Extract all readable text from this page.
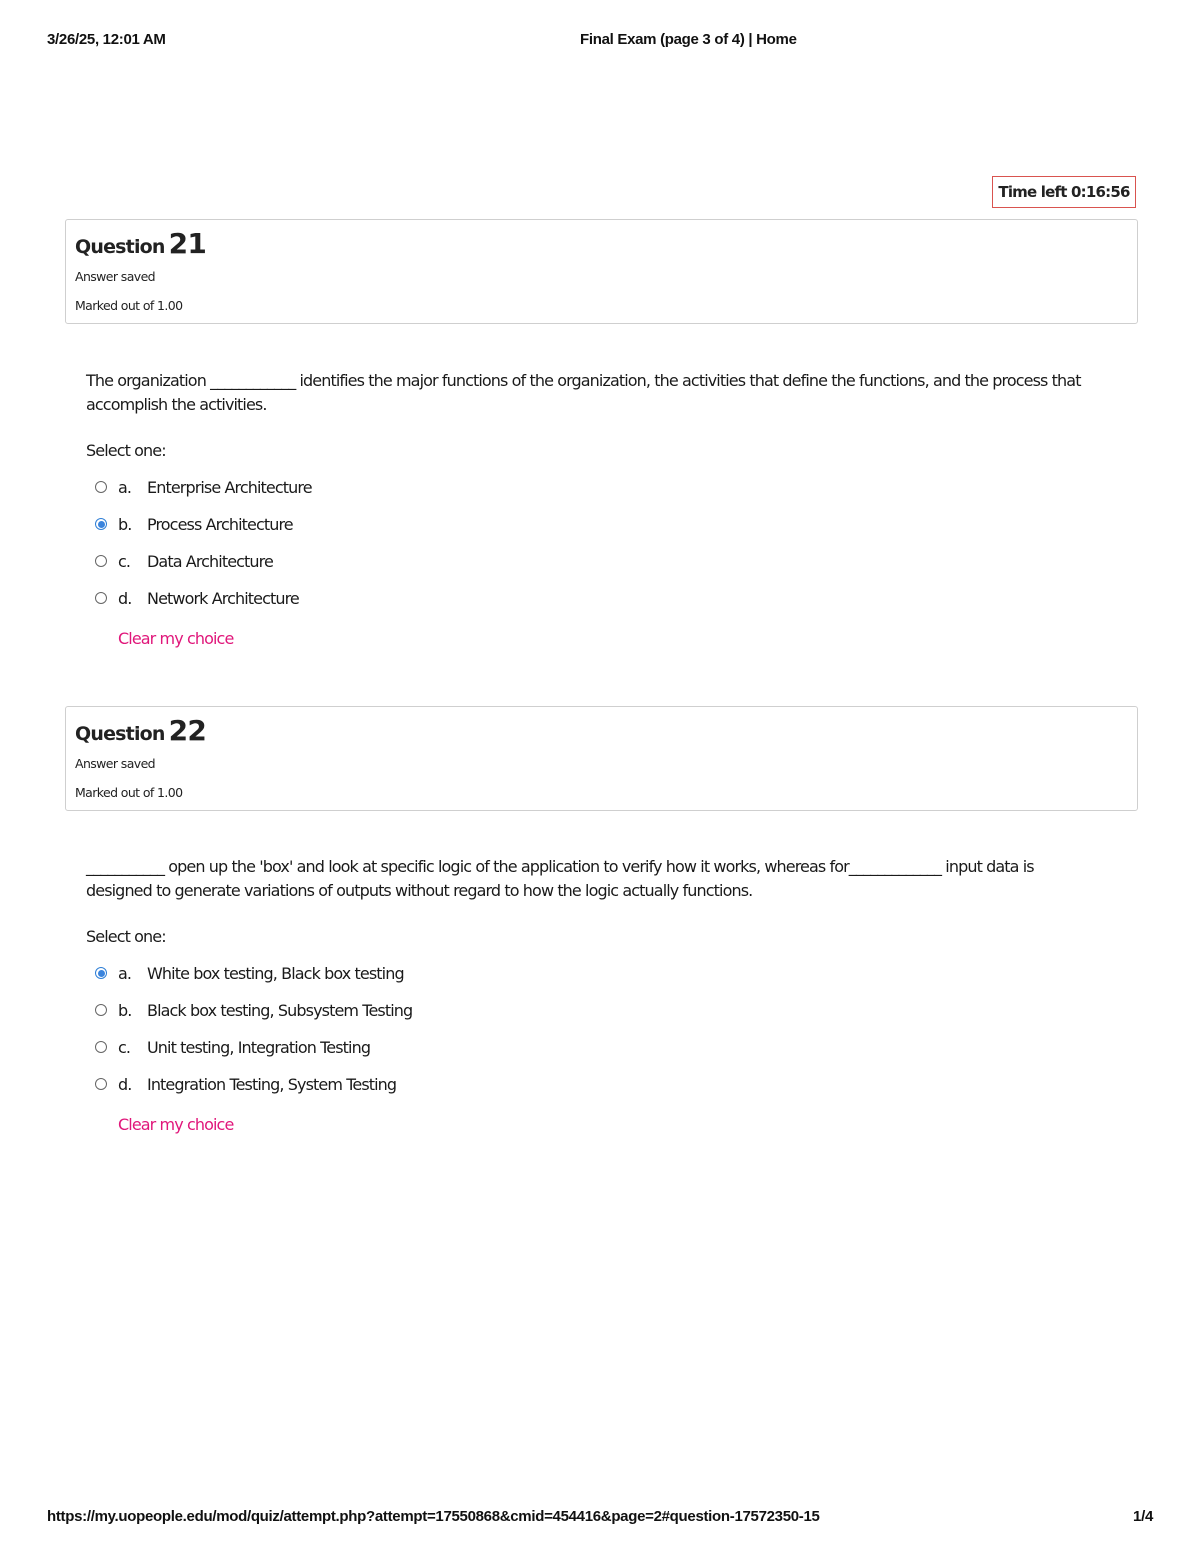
3/26/25, 12:01 AM	Final Exam (page 3 of 4) | Home
Time left 0:16:56
Question 21
Answer saved
Marked out of 1.00
The organization ____________ identifies the major functions of the organization, the activities that define the functions, and the process that accomplish the activities.
Select one:
a. Enterprise Architecture
b. Process Architecture
c.	Data Architecture
d. Network Architecture
Clear my choice
Question 22
Answer saved
Marked out of 1.00
___________ open up the 'box' and look at specific logic of the application to verify how it works, whereas for_____________ input data is designed to generate variations of outputs without regard to how the logic actually functions.
Select one:
a. White box testing, Black box testing
b. Black box testing, Subsystem Testing
c.	Unit testing, Integration Testing
d. Integration Testing, System Testing
Clear my choice
https://my.uopeople.edu/mod/quiz/attempt.php?attempt=17550868&cmid=454416&page=2#question-17572350-15	1/4
